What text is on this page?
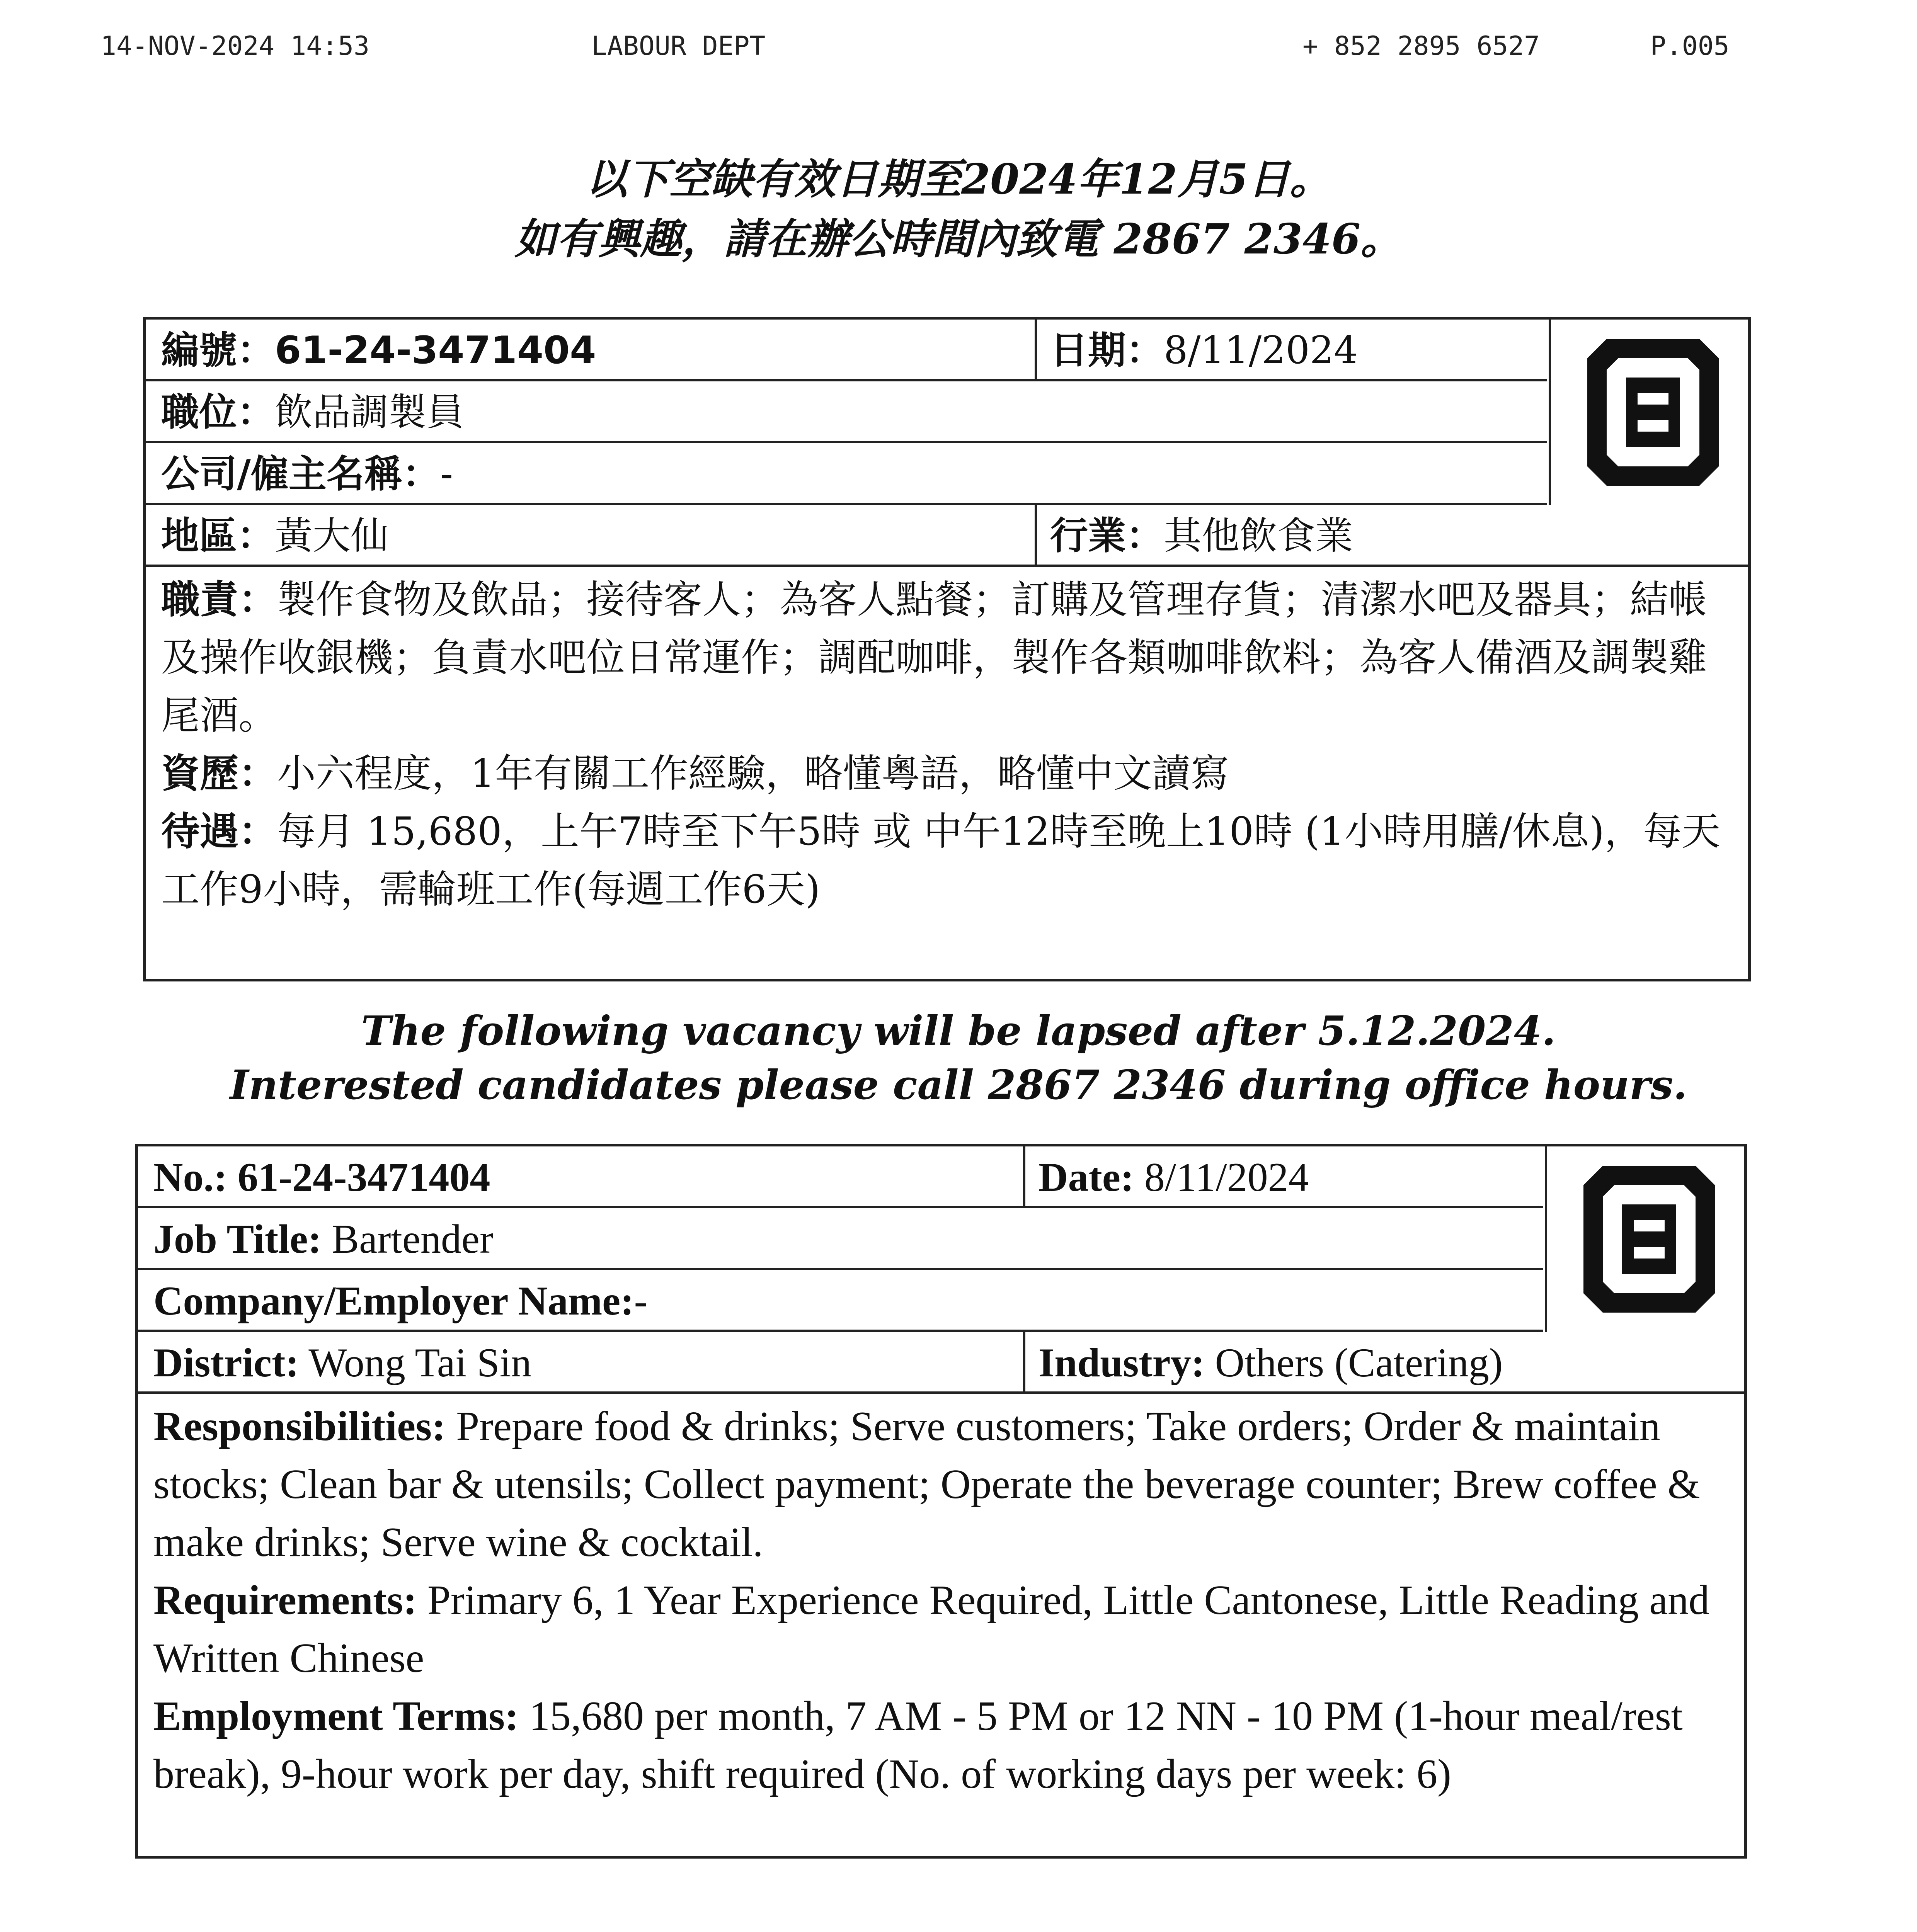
14-NOV-2024 14:53	LABOUR DEPT	+ 852 2895 6527	P.005
以下空缺有效日期至2024年12月5日。
如有興趣，請在辦公時間內致電 2867 2346。
編號：61-24-3471404	日期：8/11/2024
職位：飲品調製員
公司/僱主名稱：-
地區：黃大仙	行業：其他飲食業

職責：製作食物及飲品；接待客人；為客人點餐；訂購及管理存貨；清潔水吧及器具；結帳及操作收銀機；負責水吧位日常運作；調配咖啡，製作各類咖啡飲料；為客人備酒及調製雞尾酒。

資歷：小六程度，1年有關工作經驗，略懂粵語，略懂中文讀寫

待遇：每月 15,680，上午7時至下午5時 或 中午12時至晚上10時 (1小時用膳/休息)，每天工作9小時，需輪班工作(每週工作6天)

The following vacancy will be lapsed after 5.12.2024.
Interested candidates please call 2867 2346 during office hours.
No.: 61-24-3471404	Date: 8/11/2024
Job Title: Bartender
Company/Employer Name:-
District: Wong Tai Sin	Industry: Others (Catering)

Responsibilities: Prepare food & drinks; Serve customers; Take orders; Order & maintain stocks; Clean bar & utensils; Collect payment; Operate the beverage counter; Brew coffee & make drinks; Serve wine & cocktail.

Requirements: Primary 6, 1 Year Experience Required, Little Cantonese, Little Reading and Written Chinese

Employment Terms: 15,680 per month, 7 AM - 5 PM or 12 NN - 10 PM (1-hour meal/rest break), 9-hour work per day, shift required (No. of working days per week: 6)
